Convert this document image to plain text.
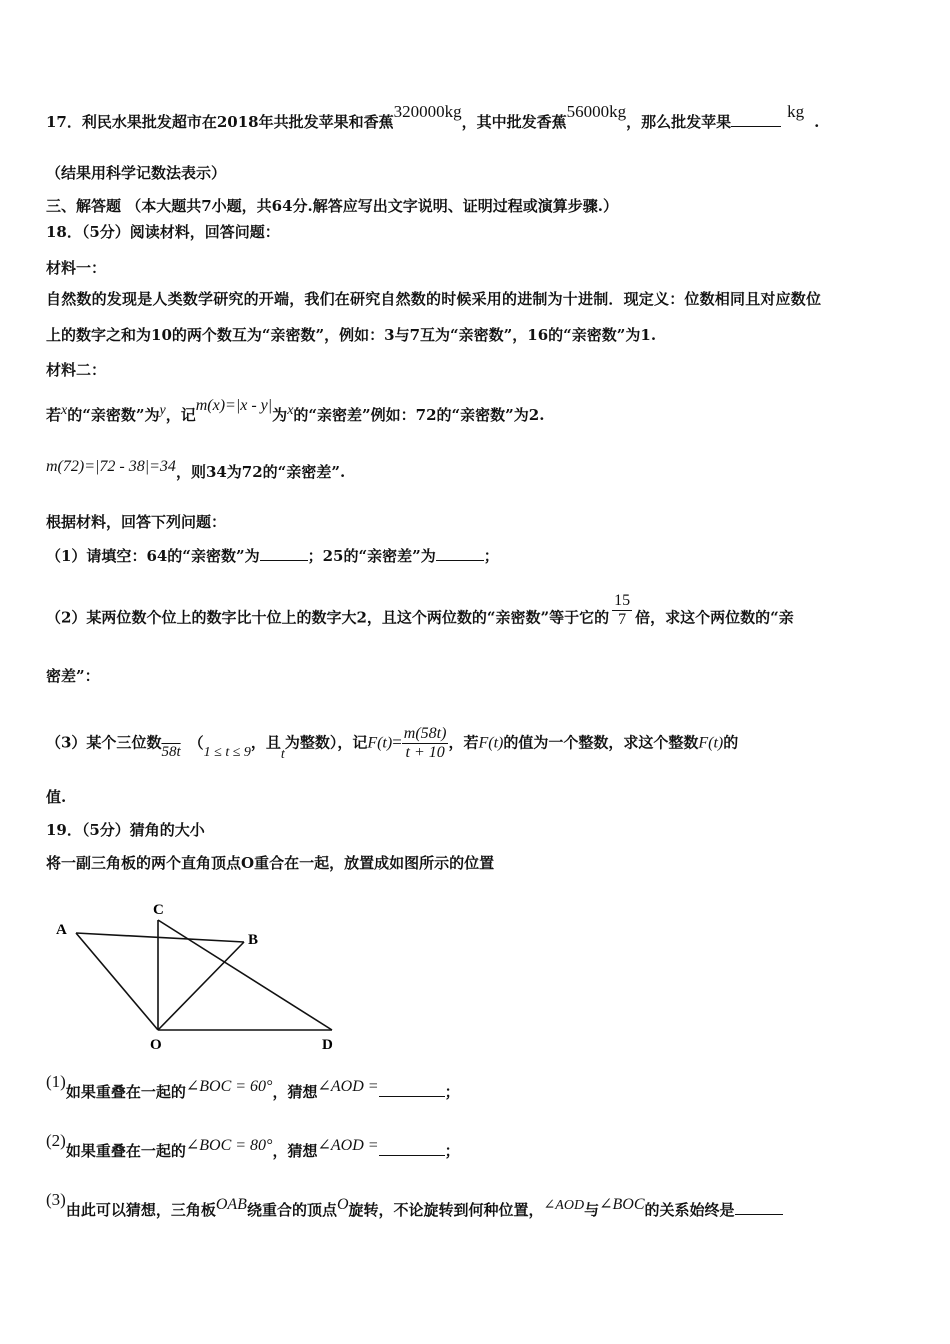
17．利民水果批发超市在2018年共批发苹果和香蕉320000kg，其中批发香蕉56000kg，那么批发苹果kg.
（结果用科学记数法表示）
三、解答题 （本大题共7小题，共64分.解答应写出文字说明、证明过程或演算步骤.）
18．（5分）阅读材料，回答问题：
材料一：
自然数的发现是人类数学研究的开端，我们在研究自然数的时候采用的进制为十进制．现定义：位数相同且对应数位
上的数字之和为10的两个数互为“亲密数”，例如：3与7互为“亲密数”，16的“亲密数”为1.
材料二：
若x的“亲密数”为y，记m(x)=|x - y|为x的“亲密差”例如：72的“亲密数”为2.
m(72)=|72 - 38|=34，则34为72的“亲密差”.
根据材料，回答下列问题：
（1）请填空：64的“亲密数”为	；25的“亲密差”为	；
（2）某两位数个位上的数字比十位上的数字大2，且这个两位数的“亲密数”等于它的 $\frac{15}{7}$ 倍，求这个两位数的“亲
密差”：
（3）某个三位数58t （1 ≤ t ≤ 9，且t为整数），记$F(t)= \frac{m(58t)}{t + 10}$ ，若F(t)的值为一个整数，求这个整数F(t)的
值.
19．（5分）猜角的大小
将一副三角板的两个直角顶点O重合在一起，放置成如图所示的位置
A
B
C
O	D
(1)如果重叠在一起的∠BOC = 60°，猜想∠AOD =	；
(2)如果重叠在一起的∠BOC = 80°，猜想∠AOD =	；
(3)由此可以猜想，三角板OAB绕重合的顶点O旋转，不论旋转到何种位置，∠AOD与∠BOC的关系始终是
